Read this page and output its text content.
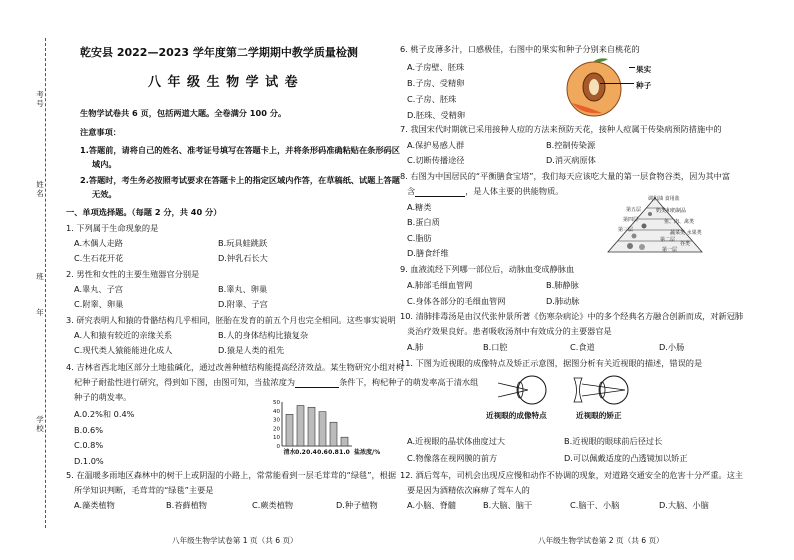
考号
姓名
班
年
学校
乾安县 2022—2023 学年度第二学期期中教学质量检测
八 年 级 生 物 学 试 卷
生物学试卷共 6 页，包括两道大题。全卷满分 100 分。
注意事项：
1.答题前，请将自己的姓名、准考证号填写在答题卡上，并将条形码准确粘贴在条形码区
域内。
2.答题时，考生务必按照考试要求在答题卡上的指定区域内作答，在草稿纸、试题上答题
无效。
一、单项选择题。（每题 2 分，共 40 分）
1. 下列属于生命现象的是
A.木偶人走路	B.玩具蛙跳跃
C.生石花开花	D.钟乳石长大
2. 男性和女性的主要生殖器官分别是
A.睾丸、子宫	B.睾丸、卵巢
C.附睾、卵巢	D.附睾、子宫
3. 研究表明人和猿的骨骼结构几乎相同，胚胎在发育的前五个月也完全相同。这些事实说明
A.人和猿有较近的亲缘关系	B.人的身体结构比猿复杂
C.现代类人猿能能进化成人	D.猿是人类的祖先
4. 吉林省西北地区部分土地盐碱化，通过改善种植结构能提高经济效益。某生物研究小组对枸
杞种子耐盐性进行研究，得到如下图，由图可知，当盐浓度为	条件下，枸杞种子的萌发率高于清水组
种子的萌发率。
A.0.2%和 0.4%
B.0.6%
C.0.8%
D.1.0%
50
40
30
20
10
0
清水 0.2 0.4 0.6 0.8 1.0 盐浓度/%
5. 在温暖多雨地区森林中的树干上或阴湿的小路上，常常能看到一层毛茸茸的“绿毯”，根据
所学知识判断，毛茸茸的“绿毯”主要是
A.藻类植物	B.苔藓植物	C.蕨类植物	D.种子植物
八年级生物学试卷第 1 页（共 6 页）
6. 桃子皮薄多汁，口感极佳，右图中的果实和种子分别来自桃花的
A.子房壁、胚珠
B.子房、受精卵
C.子房、胚珠
D.胚珠、受精卵
果实
种子
7. 我国宋代时期就已采用接种人痘的方法来预防天花，接种人痘属于传染病预防措施中的
A.保护易感人群	B.控制传染源
C.切断传播途径	D.消灭病原体
8. 右图为中国居民的“平衡膳食宝塔”，我们每天应该吃大量的第一层食物谷类，因为其中富
含	，是人体主要的供能物质。
A.糖类
B.蛋白质
C.脂肪
D.膳食纤维
调和油 食用盐
奶类和奶制品
鱼、肉、禽类
蔬菜类 水果类
谷类
第五层
第四层
第三层
第二层
第一层
9. 血液流经下列哪一部位后，动脉血变成静脉血
A.肺部毛细血管网	B.肺静脉
C.身体各部分的毛细血管网	D.肺动脉
10. 清肺排毒汤是由汉代张仲景所著《伤寒杂病论》中的多个经典名方融合创新而成，对新冠肺
炎治疗效果良好。患者吸收汤剂中有效成分的主要器官是
A.肺	B.口腔	C.食道	D.小肠
11. 下图为近视眼的成像特点及矫正示意图，据图分析有关近视眼的描述，错误的是
近视眼的成像特点	近视眼的矫正
A.近视眼的晶状体曲度过大	B.近视眼的眼球前后径过长
C.物像落在视网膜的前方	D.可以佩戴适度的凸透镜加以矫正
12. 酒后驾车，司机会出现反应慢和动作不协调的现象，对道路交通安全的危害十分严重。这主
要是因为酒精依次麻痹了驾车人的
A.小脑、脊髓	B.大脑、脑干	C.脑干、小脑	D.大脑、小脑
八年级生物学试卷第 2 页（共 6 页）
